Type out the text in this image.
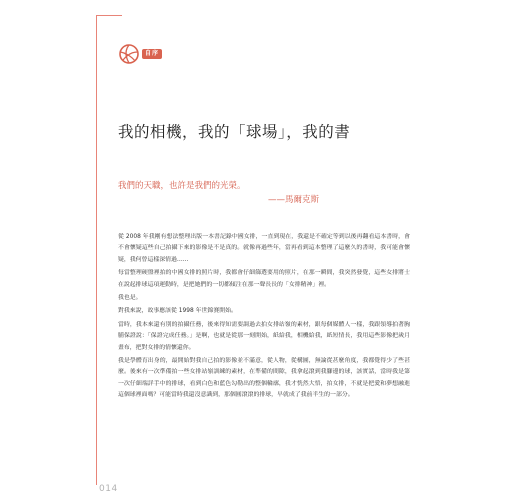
自序
我的相機，我的「球場」，我的書
我們的天職，也許是我們的光榮。
——馬爾克斯

從 2008 年我剛有想法整理出版一本書記錄中國女排，一直到現在，我還是不確定等到以後再翻看這本書時，會不會懷疑這些自己拍攝下來的影像是不是真的。就像再過些年，當再看到這本整理了這麼久的書時，我可能會懷疑，我何曾這樣深情過……

每當整理硬盤裡拍的中國女排的照片時，我都會仔細篩選要用的照片，在那一瞬間，我突然發覺，這些女排將士在說起排球這項運動時，是把她們的一切都傾注在那一聲長長的「女排精神」裡。

我也是。

對我來說，故事應該從 1998 年世錦賽開始。

當時，我本來還有別的拍攝任務，後來得知需要調過去拍女排站嶺的素材，跟每個媒體人一樣，我跟領導拍著胸脯保證說：「保證完成任務。」是啊，也就是從那一刻開始，紙給我，相機給我，紙短情長，我用這些影像把歲月畫布，把對女排的情懷還你。

我是學體育出身的，最開始對我自己拍的影像並不滿意，從人物，從構圖，無論從甚麼角度，我都覺得少了些甚麼。後來有一次準備拍一些女排站嶺訓練的素材，在準備的間隙，我拿起滾到我腳邊的球，該實話，當時我是第一次仔細端詳手中的排球，看到白色和藍色勾勒出的整個輪廓，我才恍然大悟，拍女排，不就是把愛和夢想融進這個球裡面嗎？可能當時我還沒意識到，那個圓滾滾的排球，早就成了我前半生的一部分。

014
